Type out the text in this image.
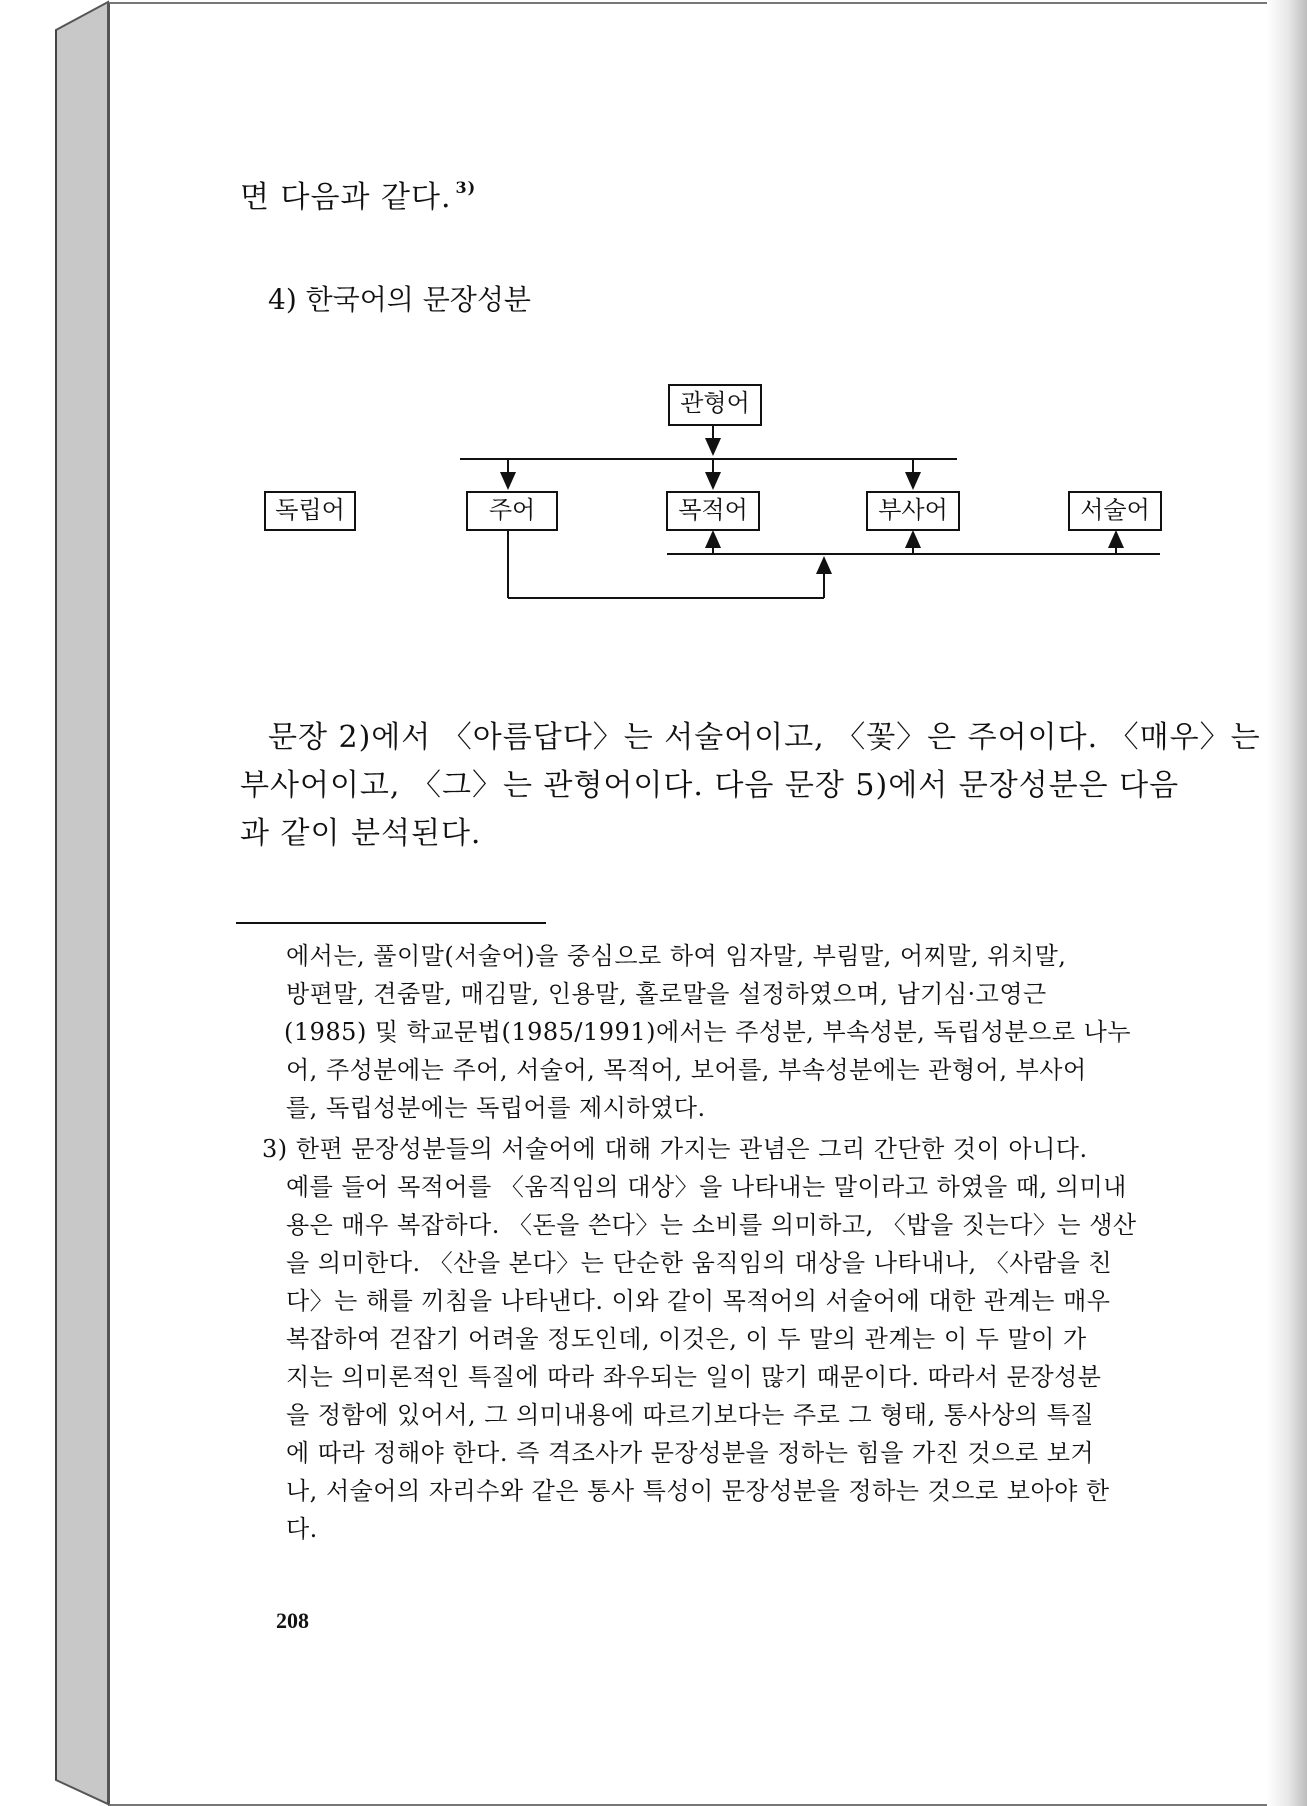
면 다음과 같다. $^{3)}$
4) 한국어의 문장성분
관형어
독립어	주어	목적어	부사어	서술어
문장 2)에서 〈아름답다〉는 서술어이고, 〈꽃〉은 주어이다. 〈매우〉는
부사어이고, 〈그〉는 관형어이다. 다음 문장 5)에서 문장성분은 다음
과 같이 분석된다.
에서는, 풀이말(서술어)을 중심으로 하여 임자말, 부림말, 어찌말, 위치말,
방편말, 견줌말, 매김말, 인용말, 홀로말을 설정하였으며, 남기심·고영근
(1985) 및 학교문법(1985/1991)에서는 주성분, 부속성분, 독립성분으로 나누
어, 주성분에는 주어, 서술어, 목적어, 보어를, 부속성분에는 관형어, 부사어
를, 독립성분에는 독립어를 제시하였다.
3) 한편 문장성분들의 서술어에 대해 가지는 관념은 그리 간단한 것이 아니다.
예를 들어 목적어를 〈움직임의 대상〉을 나타내는 말이라고 하였을 때, 의미내
용은 매우 복잡하다. 〈돈을 쓴다〉는 소비를 의미하고, 〈밥을 짓는다〉는 생산
을 의미한다. 〈산을 본다〉는 단순한 움직임의 대상을 나타내나, 〈사람을 친
다〉는 해를 끼침을 나타낸다. 이와 같이 목적어의 서술어에 대한 관계는 매우
복잡하여 걷잡기 어려울 정도인데, 이것은, 이 두 말의 관계는 이 두 말이 가
지는 의미론적인 특질에 따라 좌우되는 일이 많기 때문이다. 따라서 문장성분
을 정함에 있어서, 그 의미내용에 따르기보다는 주로 그 형태, 통사상의 특질
에 따라 정해야 한다. 즉 격조사가 문장성분을 정하는 힘을 가진 것으로 보거
나, 서술어의 자리수와 같은 통사 특성이 문장성분을 정하는 것으로 보아야 한
다.
208
